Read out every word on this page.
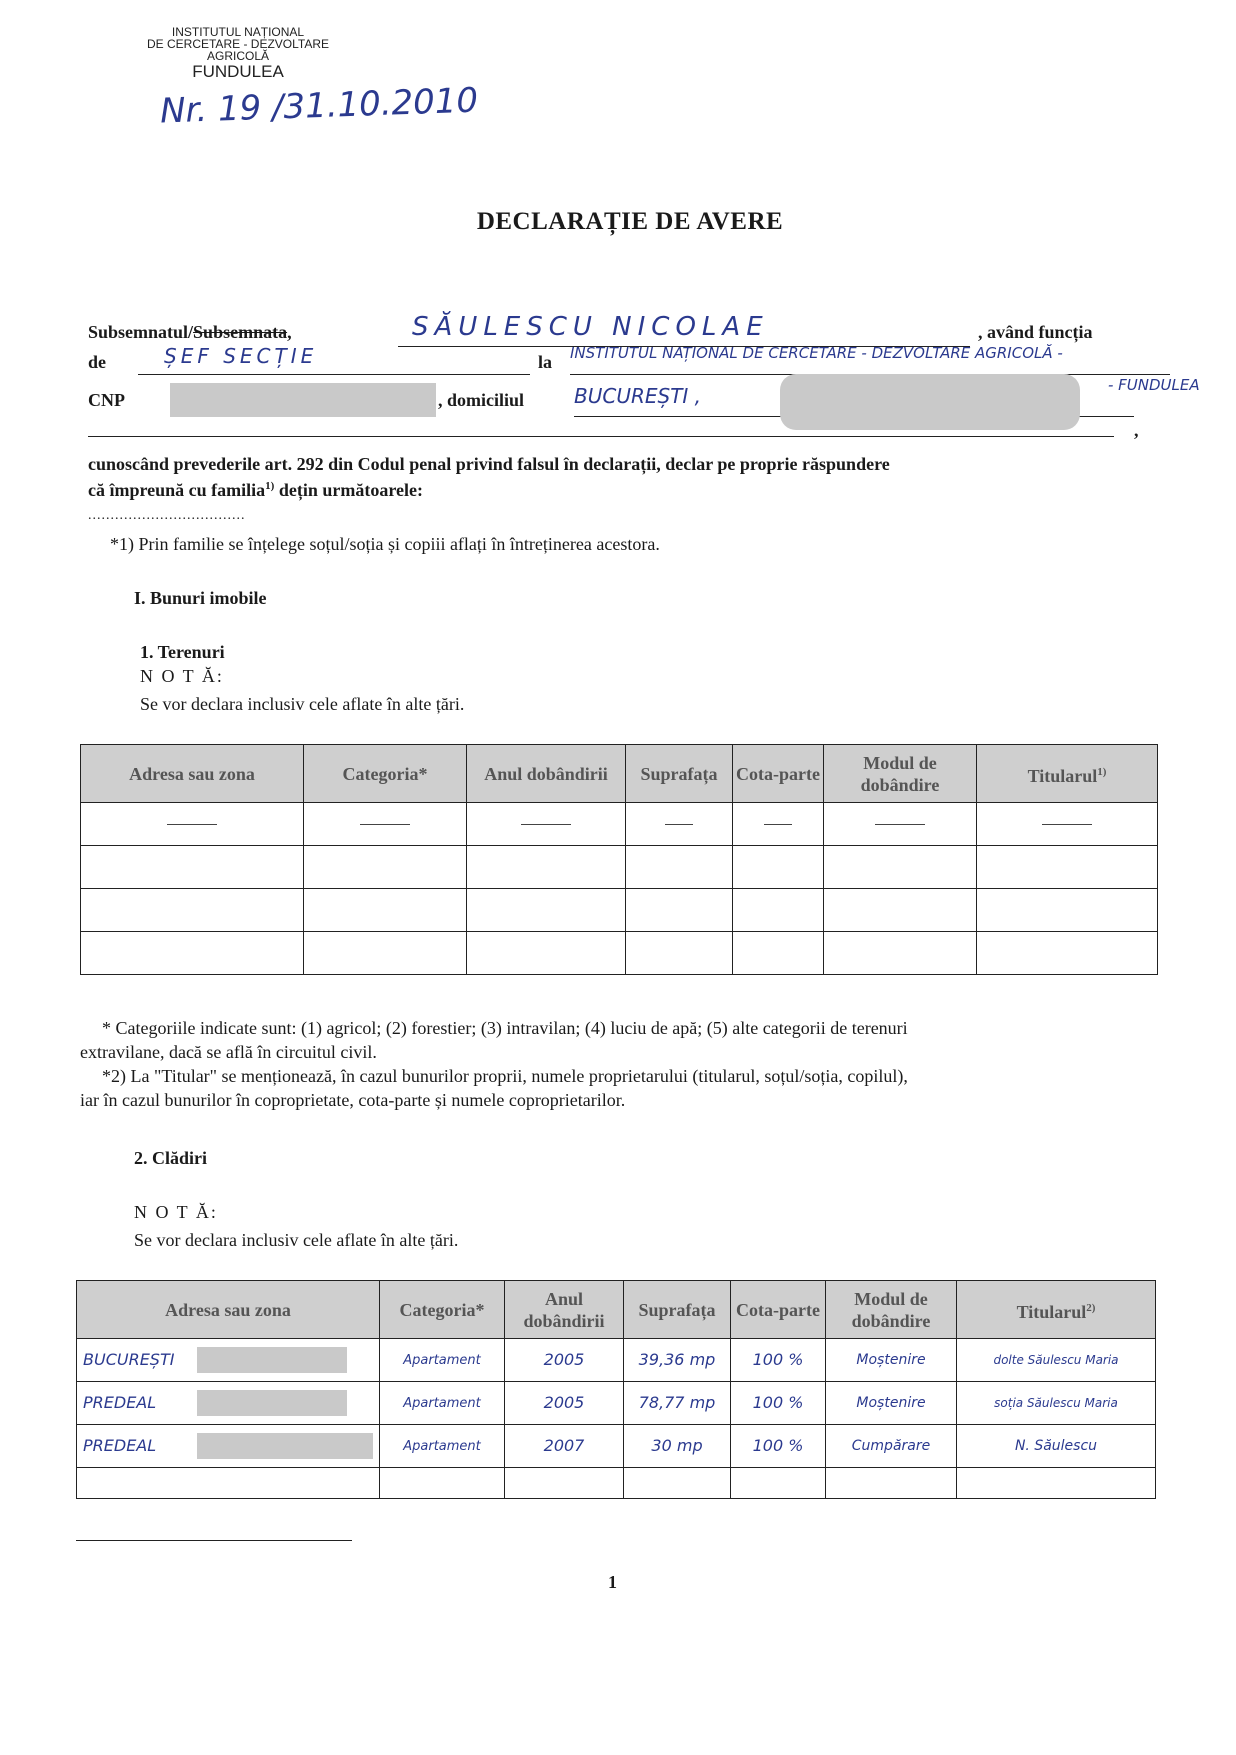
INSTITUTUL NAȚIONAL
DE CERCETARE - DEZVOLTARE
AGRICOLĂ
FUNDULEA
Nr. 19 /31.10.2010
DECLARAȚIE DE AVERE
Subsemnatul/Subsemnata,	SĂULESCU NICOLAE	, având funcția
de	ȘEF SECȚIE	la INSTITUTUL NAȚIONAL DE CERCETARE - DEZVOLTARE AGRICOLĂ -
CNP	, domiciliul BUCUREȘTI ,	- FUNDULEA
,
cunoscând prevederile art. 292 din Codul penal privind falsul în declarații, declar pe proprie răspundere
că împreună cu familia$^{1)}$ dețin următoarele:
...................................
*1) Prin familie se înțelege soțul/soția și copiii aflați în întreținerea acestora.
I. Bunuri imobile
1. Terenuri
N O T Ă:
Se vor declara inclusiv cele aflate în alte țări.
Adresa sau zona	Categoria*	Anul dobândirii	Suprafața	Cota-parte	Modul de dobândire	Titularul$^{1)}$

* Categoriile indicate sunt: (1) agricol; (2) forestier; (3) intravilan; (4) luciu de apă; (5) alte categorii de terenuri
extravilane, dacă se află în circuitul civil.
*2) La "Titular" se menționează, în cazul bunurilor proprii, numele proprietarului (titularul, soțul/soția, copilul),
iar în cazul bunurilor în coproprietate, cota-parte și numele coproprietarilor.
2. Clădiri
N O T Ă:
Se vor declara inclusiv cele aflate în alte țări.
Adresa sau zona	Categoria*	Anul dobândirii	Suprafața	Cota-parte	Modul de dobândire	Titularul$^{2)}$
BUCUREȘTI	Apartament	2005	39,36 mp	100 %	Moștenire	dolte Săulescu Maria
PREDEAL	Apartament	2005	78,77 mp	100 %	Moștenire	soția Săulescu Maria
PREDEAL	Apartament	2007	30 mp	100 %	Cumpărare	N. Săulescu

1
